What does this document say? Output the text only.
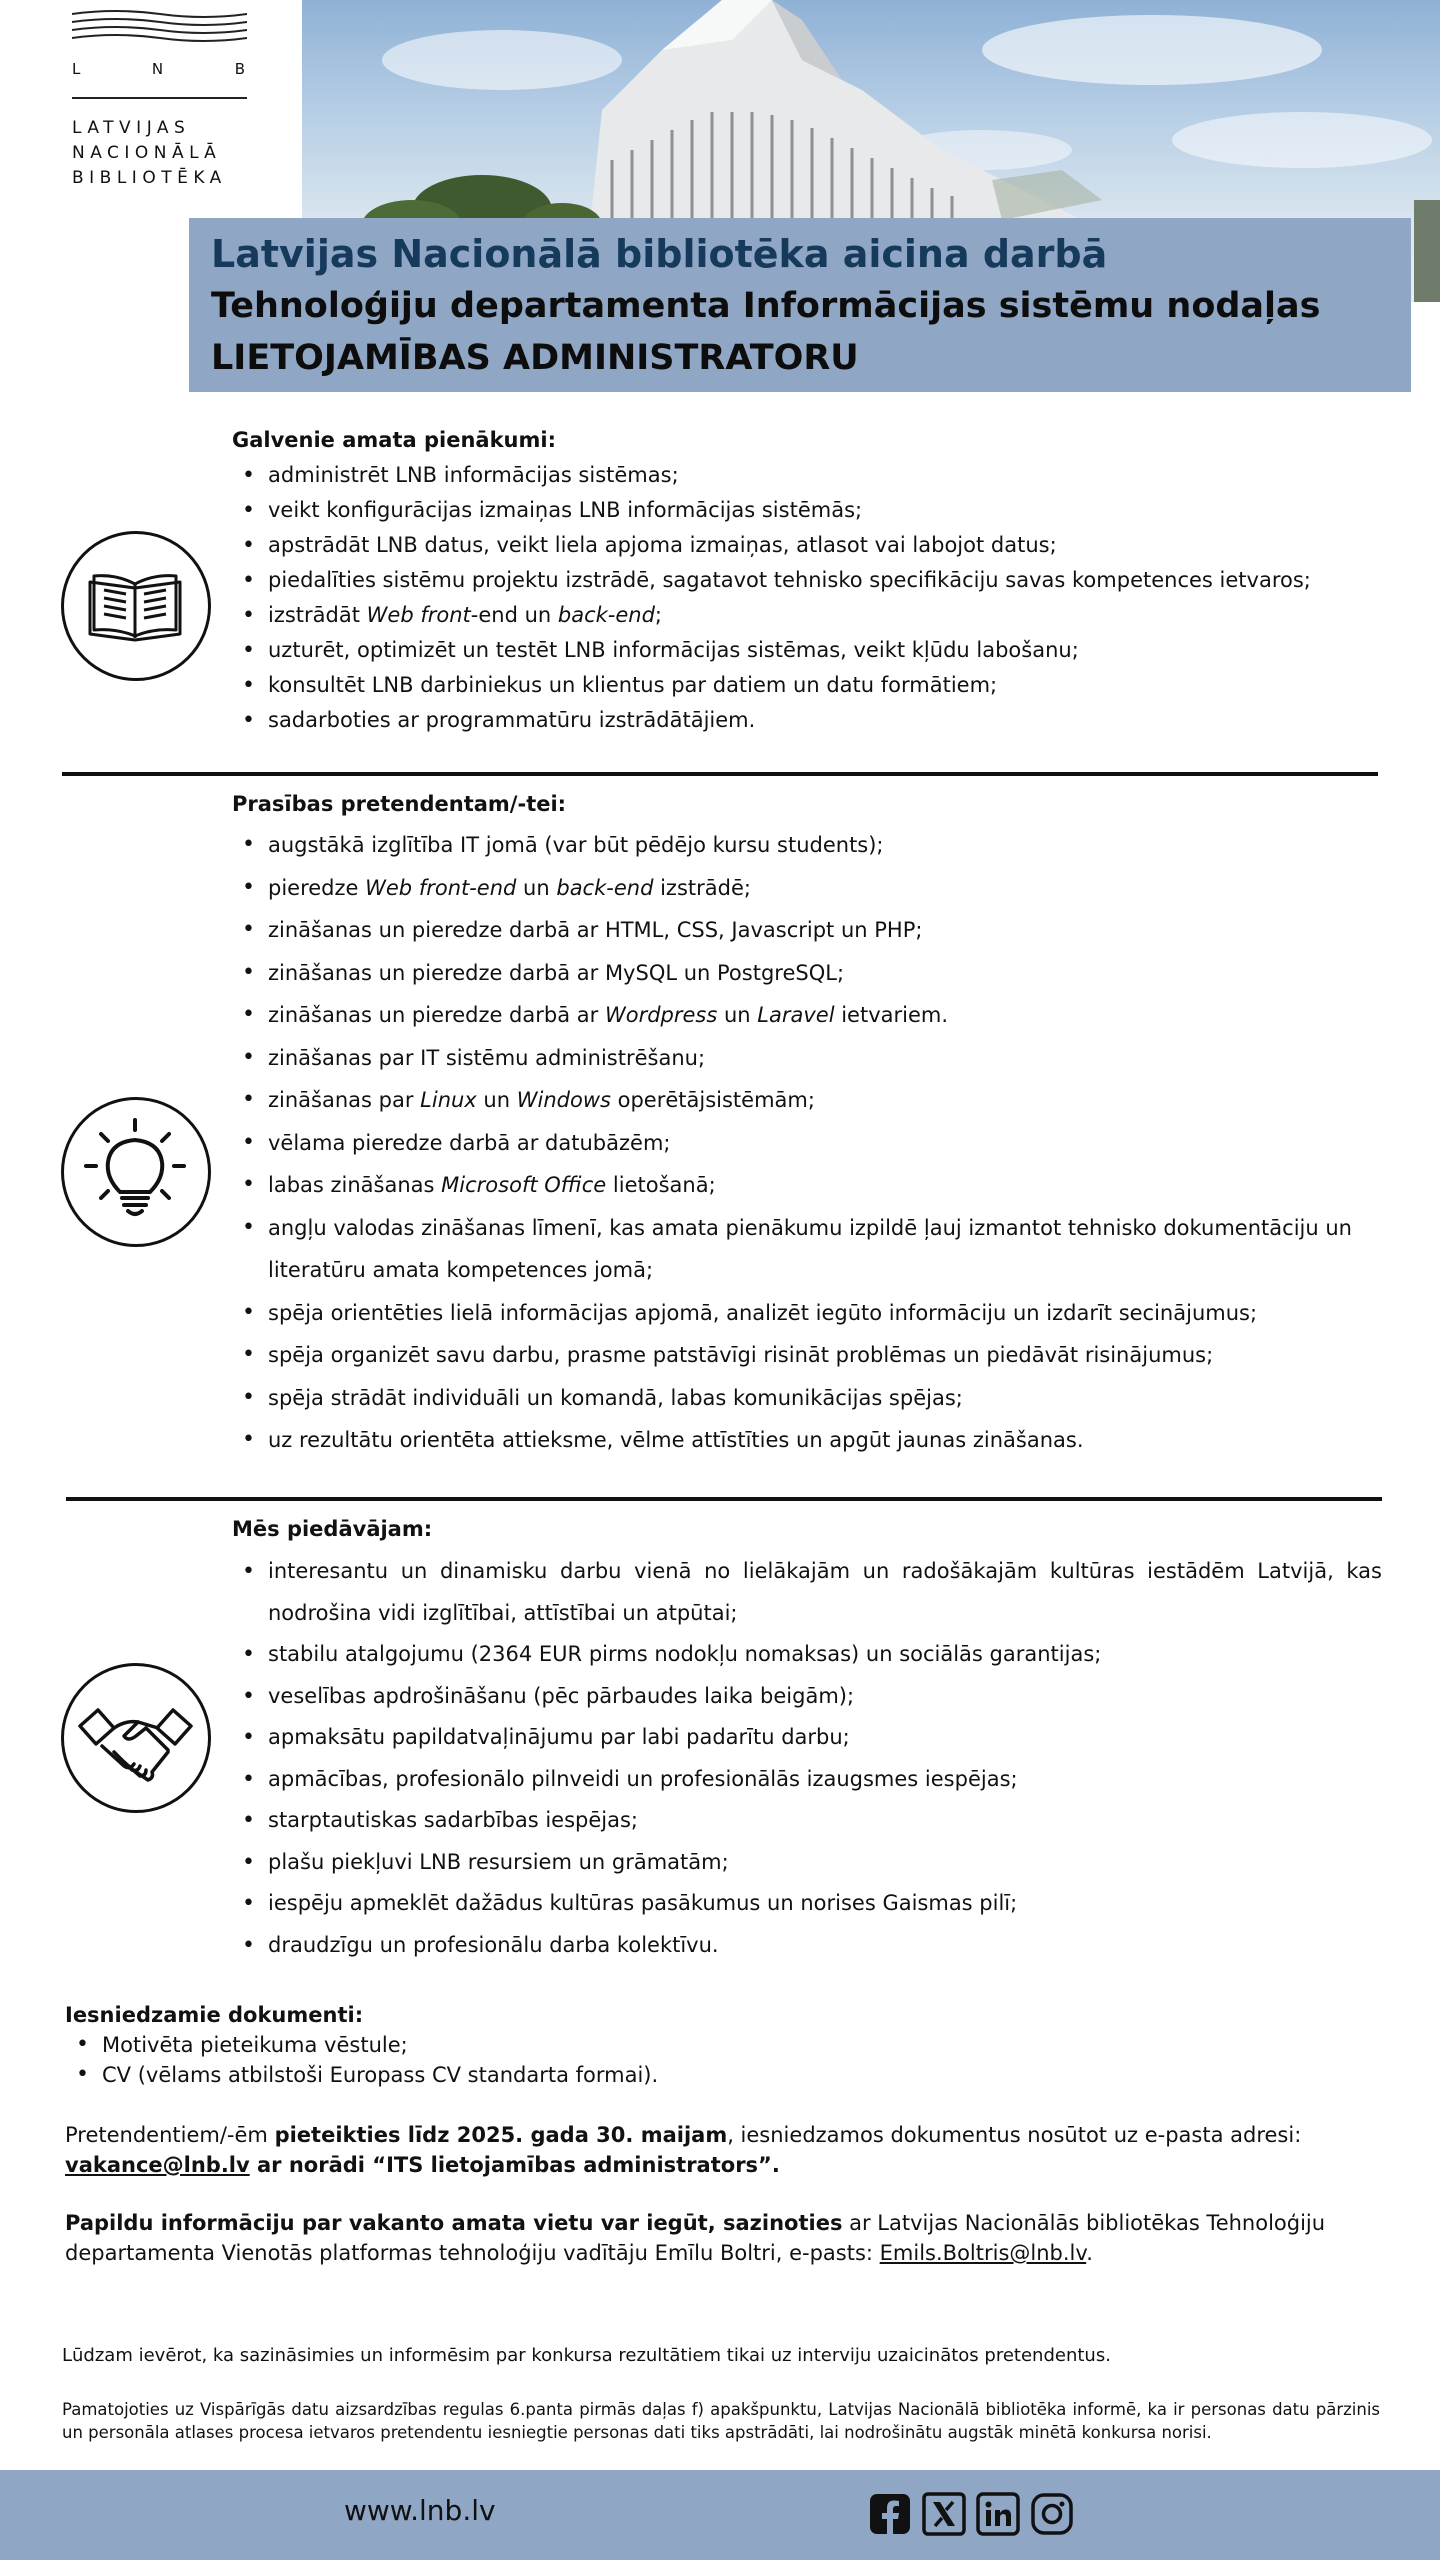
L	N	B
LATVIJAS
NACIONĀLĀ
BIBLIOTĒKA
Latvijas Nacionālā bibliotēka aicina darbā
Tehnoloģiju departamenta Informācijas sistēmu nodaļas
LIETOJAMĪBAS ADMINISTRATORU
Galvenie amata pienākumi:
• administrēt LNB informācijas sistēmas;
• veikt konfigurācijas izmaiņas LNB informācijas sistēmās;
• apstrādāt LNB datus, veikt liela apjoma izmaiņas, atlasot vai labojot datus;
• piedalīties sistēmu projektu izstrādē, sagatavot tehnisko specifikāciju savas kompetences ietvaros;
• izstrādāt Web front-end un back-end;
• uzturēt, optimizēt un testēt LNB informācijas sistēmas, veikt kļūdu labošanu;
• konsultēt LNB darbiniekus un klientus par datiem un datu formātiem;
• sadarboties ar programmatūru izstrādātājiem.
Prasības pretendentam/-tei:
• augstākā izglītība IT jomā (var būt pēdējo kursu students);
• pieredze Web front-end un back-end izstrādē;
• zināšanas un pieredze darbā ar HTML, CSS, Javascript un PHP;
• zināšanas un pieredze darbā ar MySQL un PostgreSQL;
• zināšanas un pieredze darbā ar Wordpress un Laravel ietvariem.
• zināšanas par IT sistēmu administrēšanu;
• zināšanas par Linux un Windows operētājsistēmām;
• vēlama pieredze darbā ar datubāzēm;
• labas zināšanas Microsoft Office lietošanā;
• angļu valodas zināšanas līmenī, kas amata pienākumu izpildē ļauj izmantot tehnisko dokumentāciju un literatūru amata kompetences jomā;
• spēja orientēties lielā informācijas apjomā, analizēt iegūto informāciju un izdarīt secinājumus;
• spēja organizēt savu darbu, prasme patstāvīgi risināt problēmas un piedāvāt risinājumus;
• spēja strādāt individuāli un komandā, labas komunikācijas spējas;
• uz rezultātu orientēta attieksme, vēlme attīstīties un apgūt jaunas zināšanas.
Mēs piedāvājam:
• interesantu un dinamisku darbu vienā no lielākajām un radošākajām kultūras iestādēm Latvijā, kas nodrošina vidi izglītībai, attīstībai un atpūtai;
• stabilu atalgojumu (2364 EUR pirms nodokļu nomaksas) un sociālās garantijas;
• veselības apdrošināšanu (pēc pārbaudes laika beigām);
• apmaksātu papildatvaļinājumu par labi padarītu darbu;
• apmācības, profesionālo pilnveidi un profesionālās izaugsmes iespējas;
• starptautiskas sadarbības iespējas;
• plašu piekļuvi LNB resursiem un grāmatām;
• iespēju apmeklēt dažādus kultūras pasākumus un norises Gaismas pilī;
• draudzīgu un profesionālu darba kolektīvu.
Iesniedzamie dokumenti:
• Motivēta pieteikuma vēstule;
• CV (vēlams atbilstoši Europass CV standarta formai).
Pretendentiem/-ēm pieteikties līdz 2025. gada 30. maijam, iesniedzamos dokumentus nosūtot uz e-pasta adresi:
vakance@lnb.lv ar norādi “ITS lietojamības administrators”.
Papildu informāciju par vakanto amata vietu var iegūt, sazinoties ar Latvijas Nacionālās bibliotēkas Tehnoloģiju departamenta Vienotās platformas tehnoloģiju vadītāju Emīlu Boltri, e-pasts: Emils.Boltris@lnb.lv.
Lūdzam ievērot, ka sazināsimies un informēsim par konkursa rezultātiem tikai uz interviju uzaicinātos pretendentus.
Pamatojoties uz Vispārīgās datu aizsardzības regulas 6.panta pirmās daļas f) apakšpunktu, Latvijas Nacionālā bibliotēka informē, ka ir personas datu pārzinis un personāla atlases procesa ietvaros pretendentu iesniegtie personas dati tiks apstrādāti, lai nodrošinātu augstāk minētā konkursa norisi.
www.lnb.lv
